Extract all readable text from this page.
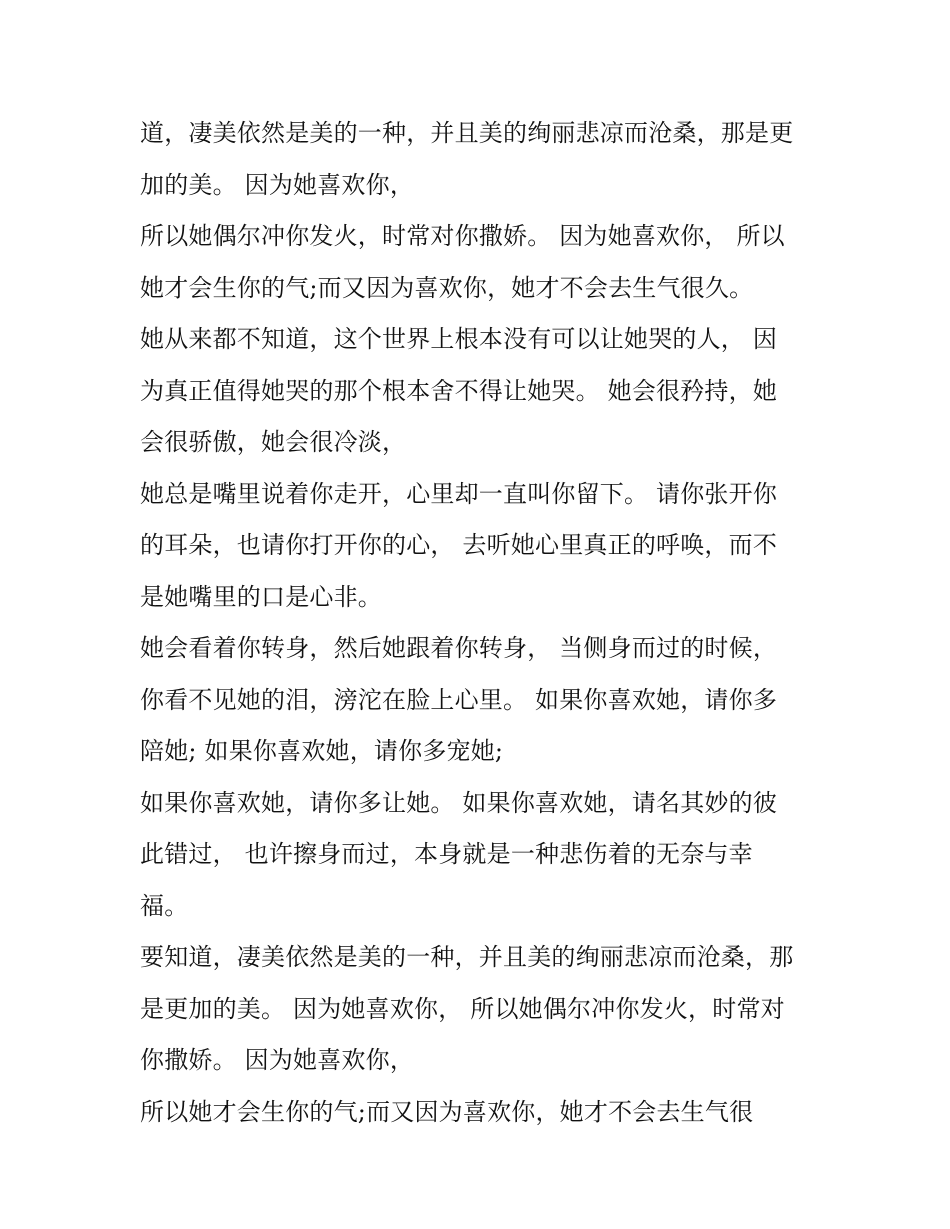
道，凄美依然是美的一种，并且美的绚丽悲凉而沧桑，那是更
加的美。 因为她喜欢你，
所以她偶尔冲你发火，时常对你撒娇。 因为她喜欢你， 所以
她才会生你的气;而又因为喜欢你，她才不会去生气很久。
她从来都不知道，这个世界上根本没有可以让她哭的人， 因
为真正值得她哭的那个根本舍不得让她哭。 她会很矜持，她
会很骄傲，她会很冷淡，
她总是嘴里说着你走开，心里却一直叫你留下。 请你张开你
的耳朵，也请你打开你的心， 去听她心里真正的呼唤，而不
是她嘴里的口是心非。
她会看着你转身，然后她跟着你转身， 当侧身而过的时候，
你看不见她的泪，滂沱在脸上心里。 如果你喜欢她，请你多
陪她; 如果你喜欢她，请你多宠她;
如果你喜欢她，请你多让她。 如果你喜欢她，请名其妙的彼
此错过， 也许擦身而过，本身就是一种悲伤着的无奈与幸
福。
要知道，凄美依然是美的一种，并且美的绚丽悲凉而沧桑，那
是更加的美。 因为她喜欢你， 所以她偶尔冲你发火，时常对
你撒娇。 因为她喜欢你，
所以她才会生你的气;而又因为喜欢你，她才不会去生气很
